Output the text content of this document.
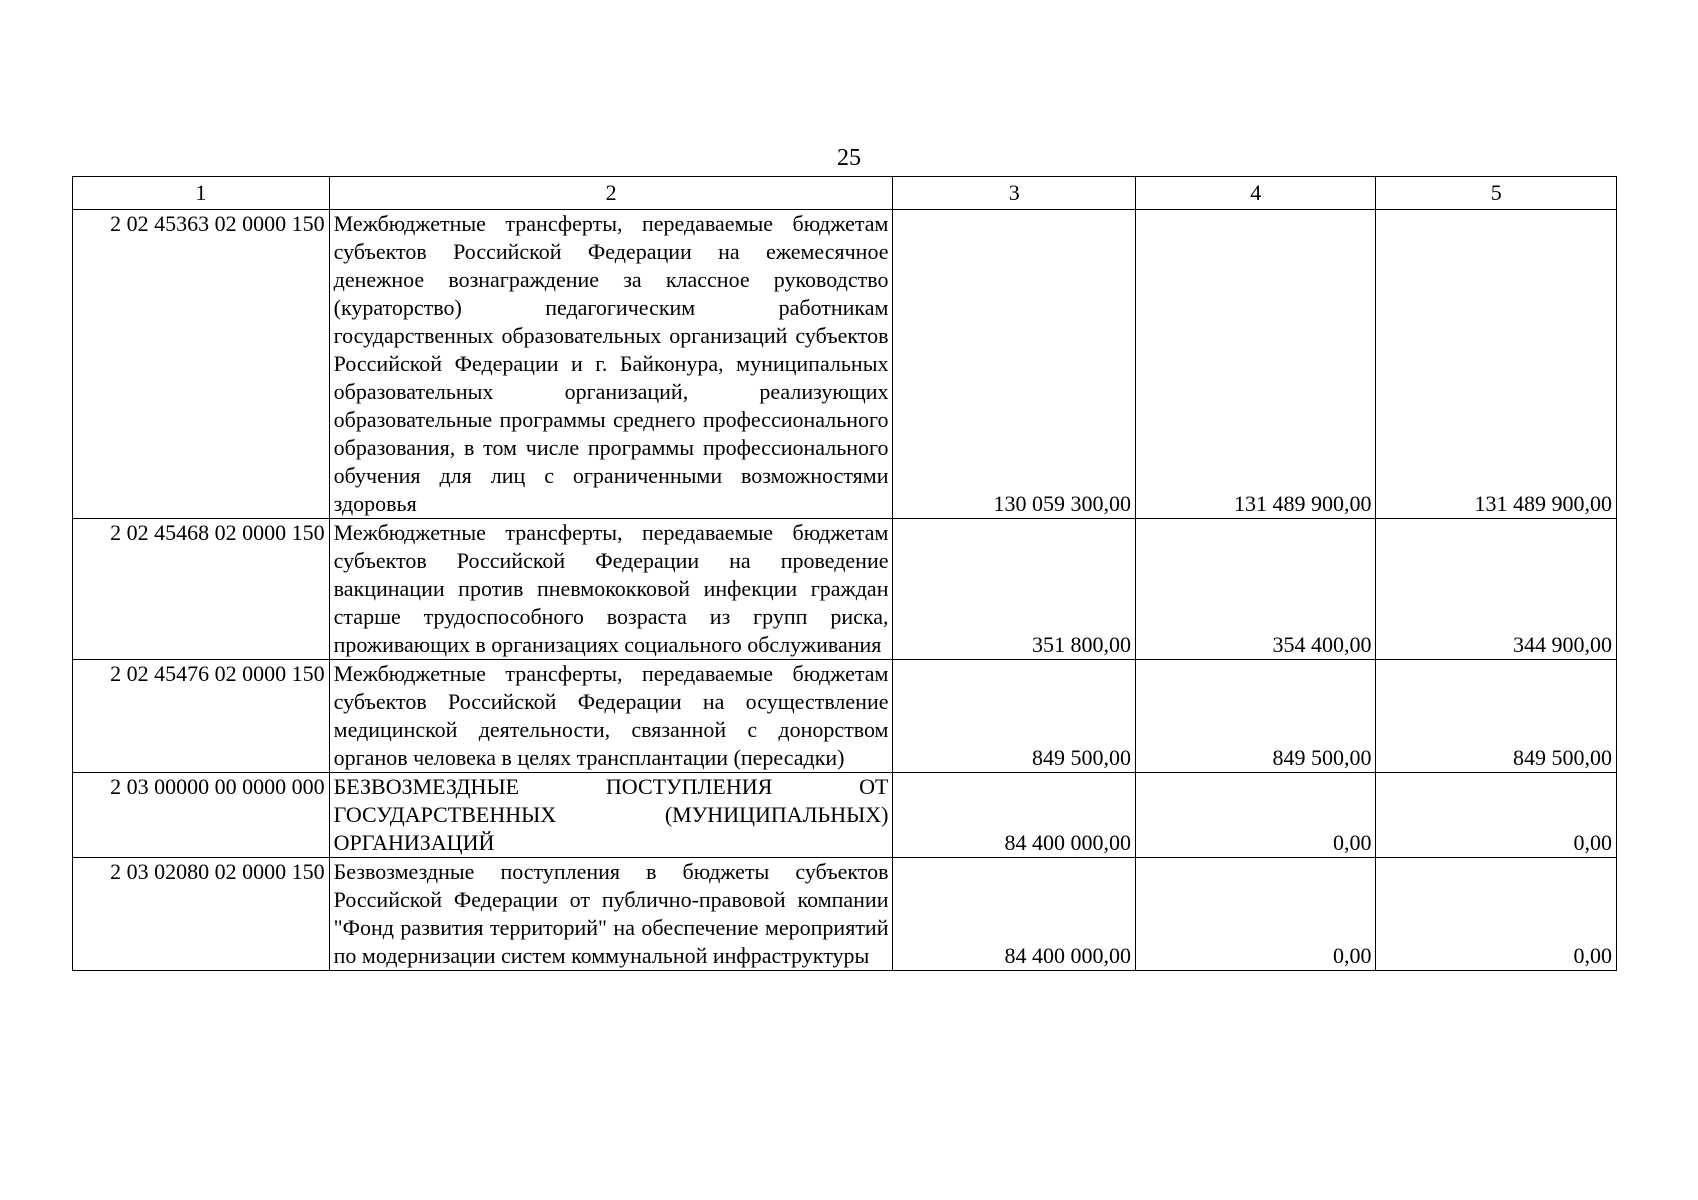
25
1	2	3	4	5
2 02 45363 02 0000 150	Межбюджетные трансферты, передаваемые бюджетам субъектов Российской Федерации на ежемесячное денежное вознаграждение за классное руководство (кураторство) педагогическим работникам государственных образовательных организаций субъектов Российской Федерации и г. Байконура, муниципальных образовательных организаций, реализующих образовательные программы среднего профессионального образования, в том числе программы профессионального обучения для лиц с ограниченными возможностями здоровья	130 059 300,00	131 489 900,00	131 489 900,00
2 02 45468 02 0000 150	Межбюджетные трансферты, передаваемые бюджетам субъектов Российской Федерации на проведение вакцинации против пневмококковой инфекции граждан старше трудоспособного возраста из групп риска, проживающих в организациях социального обслуживания	351 800,00	354 400,00	344 900,00
2 02 45476 02 0000 150	Межбюджетные трансферты, передаваемые бюджетам субъектов Российской Федерации на осуществление медицинской деятельности, связанной с донорством органов человека в целях трансплантации (пересадки)	849 500,00	849 500,00	849 500,00
2 03 00000 00 0000 000	БЕЗВОЗМЕЗДНЫЕ ПОСТУПЛЕНИЯ ОТ ГОСУДАРСТВЕННЫХ (МУНИЦИПАЛЬНЫХ) ОРГАНИЗАЦИЙ	84 400 000,00	0,00	0,00
2 03 02080 02 0000 150	Безвозмездные поступления в бюджеты субъектов Российской Федерации от публично-правовой компании "Фонд развития территорий" на обеспечение мероприятий по модернизации систем коммунальной инфраструктуры	84 400 000,00	0,00	0,00
